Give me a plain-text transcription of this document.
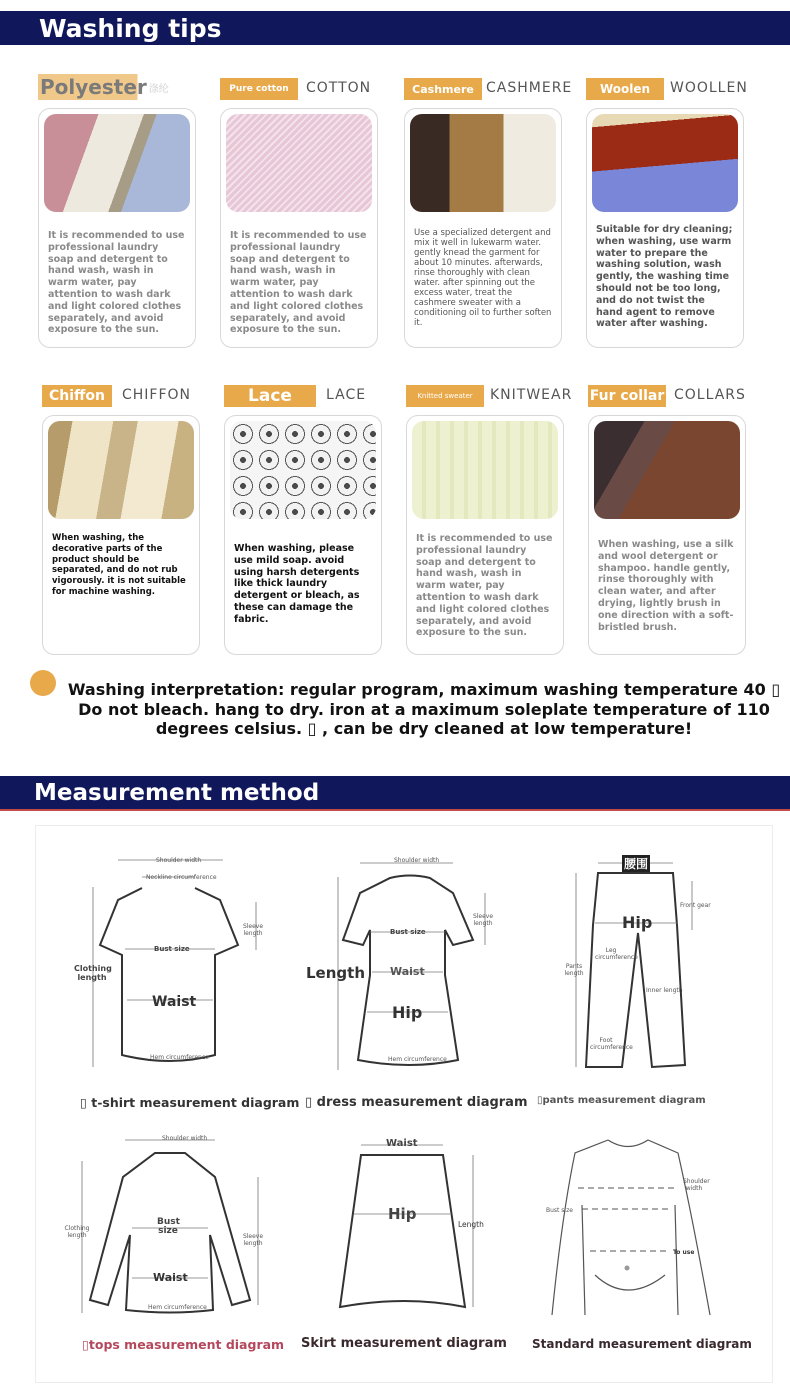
Washing tips
Polyester 涤纶
It is recommended to use professional laundry soap and detergent to hand wash, wash in warm water, pay attention to wash dark and light colored clothes separately, and avoid exposure to the sun.
Pure cotton	COTTON
It is recommended to use professional laundry soap and detergent to hand wash, wash in warm water, pay attention to wash dark and light colored clothes separately, and avoid exposure to the sun.
Cashmere CASHMERE
Use a specialized detergent and mix it well in lukewarm water. gently knead the garment for about 10 minutes. afterwards, rinse thoroughly with clean water. after spinning out the excess water, treat the cashmere sweater with a conditioning oil to further soften it.
Woolen	WOOLLEN
Suitable for dry cleaning; when washing, use warm water to prepare the washing solution, wash gently, the washing time should not be too long, and do not twist the hand agent to remove water after washing.
Chiffon	CHIFFON
When washing, the decorative parts of the product should be separated, and do not rub vigorously. it is not suitable for machine washing.
Lace	LACE
When washing, please use mild soap. avoid using harsh detergents like thick laundry detergent or bleach, as these can damage the fabric.
Knitted sweater	KNITWEAR
It is recommended to use professional laundry soap and detergent to hand wash, wash in warm water, pay attention to wash dark and light colored clothes separately, and avoid exposure to the sun.
Fur collar COLLARS
When washing, use a silk and wool detergent or shampoo. handle gently, rinse thoroughly with clean water, and after drying, lightly brush in one direction with a soft-bristled brush.
Washing interpretation: regular program, maximum washing temperature 40 ▯ Do not bleach. hang to dry. iron at a maximum soleplate temperature of 110 degrees celsius. ▯ , can be dry cleaned at low temperature!
Measurement method
Shoulder width
Neckline circumference
Sleeve length
Bust size
Clothing length
Waist
Hem circumference
▯ t-shirt measurement diagram
Shoulder width
Sleeve length
Bust size
Length Waist
Hip
Hem circumference
▯ dress measurement diagram
腰围
Front gear
Hip
Leg circumference
Pants length
Inner length
Foot circumference
▯pants measurement diagram
Shoulder width
Clothing length
Bust size
Sleeve length
Waist
Hem circumference
▯tops measurement diagram
Waist
Hip
Length
Skirt measurement diagram
Shoulder width
Bust size
To use
Standard measurement diagram
